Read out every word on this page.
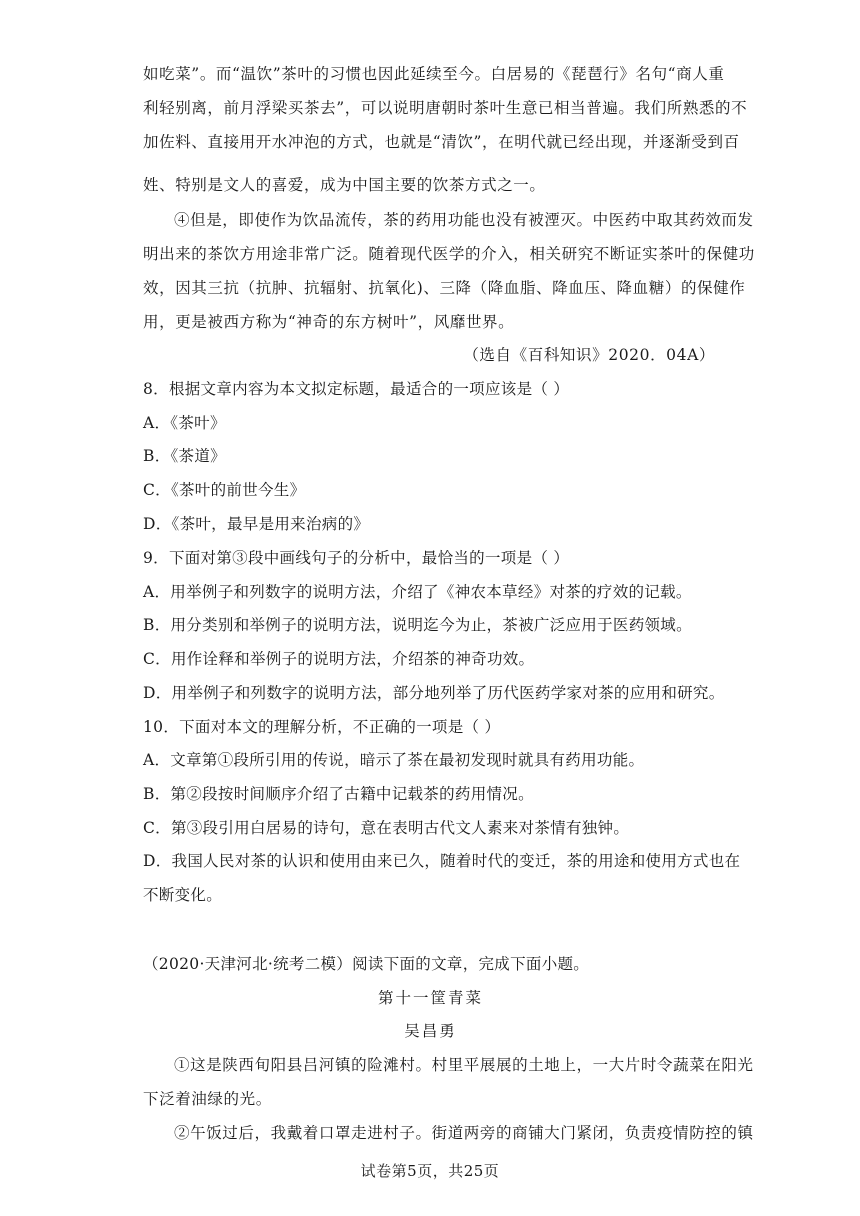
如吃菜”。而“温饮”茶叶的习惯也因此延续至今。白居易的《琵琶行》名句“商人重
利轻别离，前月浮梁买茶去”，可以说明唐朝时茶叶生意已相当普遍。我们所熟悉的不
加佐料、直接用开水冲泡的方式，也就是“清饮”，在明代就已经出现，并逐渐受到百
姓、特别是文人的喜爱，成为中国主要的饮茶方式之一。
④但是，即使作为饮品流传，茶的药用功能也没有被湮灭。中医药中取其药效而发
明出来的茶饮方用途非常广泛。随着现代医学的介入，相关研究不断证实茶叶的保健功
效，因其三抗（抗肿、抗辐射、抗氧化)、三降（降血脂、降血压、降血糖）的保健作
用，更是被西方称为“神奇的东方树叶”，风靡世界。
（选自《百科知识》2020．04A）
8．根据文章内容为本文拟定标题，最适合的一项应该是（ ）
A．《茶叶》
B．《茶道》
C．《茶叶的前世今生》
D．《茶叶，最早是用来治病的》
9．下面对第③段中画线句子的分析中，最恰当的一项是（ ）
A．用举例子和列数字的说明方法，介绍了《神农本草经》对茶的疗效的记载。
B．用分类别和举例子的说明方法，说明迄今为止，茶被广泛应用于医药领域。
C．用作诠释和举例子的说明方法，介绍茶的神奇功效。
D．用举例子和列数字的说明方法，部分地列举了历代医药学家对茶的应用和研究。
10．下面对本文的理解分析，不正确的一项是（ ）
A．文章第①段所引用的传说，暗示了茶在最初发现时就具有药用功能。
B．第②段按时间顺序介绍了古籍中记载茶的药用情况。
C．第③段引用白居易的诗句，意在表明古代文人素来对茶情有独钟。
D．我国人民对茶的认识和使用由来已久，随着时代的变迁，茶的用途和使用方式也在
不断变化。
（2020·天津河北·统考二模）阅读下面的文章，完成下面小题。
第十一筐青菜
吴昌勇
①这是陕西旬阳县吕河镇的险滩村。村里平展展的土地上，一大片时令蔬菜在阳光
下泛着油绿的光。
②午饭过后，我戴着口罩走进村子。街道两旁的商铺大门紧闭，负责疫情防控的镇
试卷第5页，共25页
